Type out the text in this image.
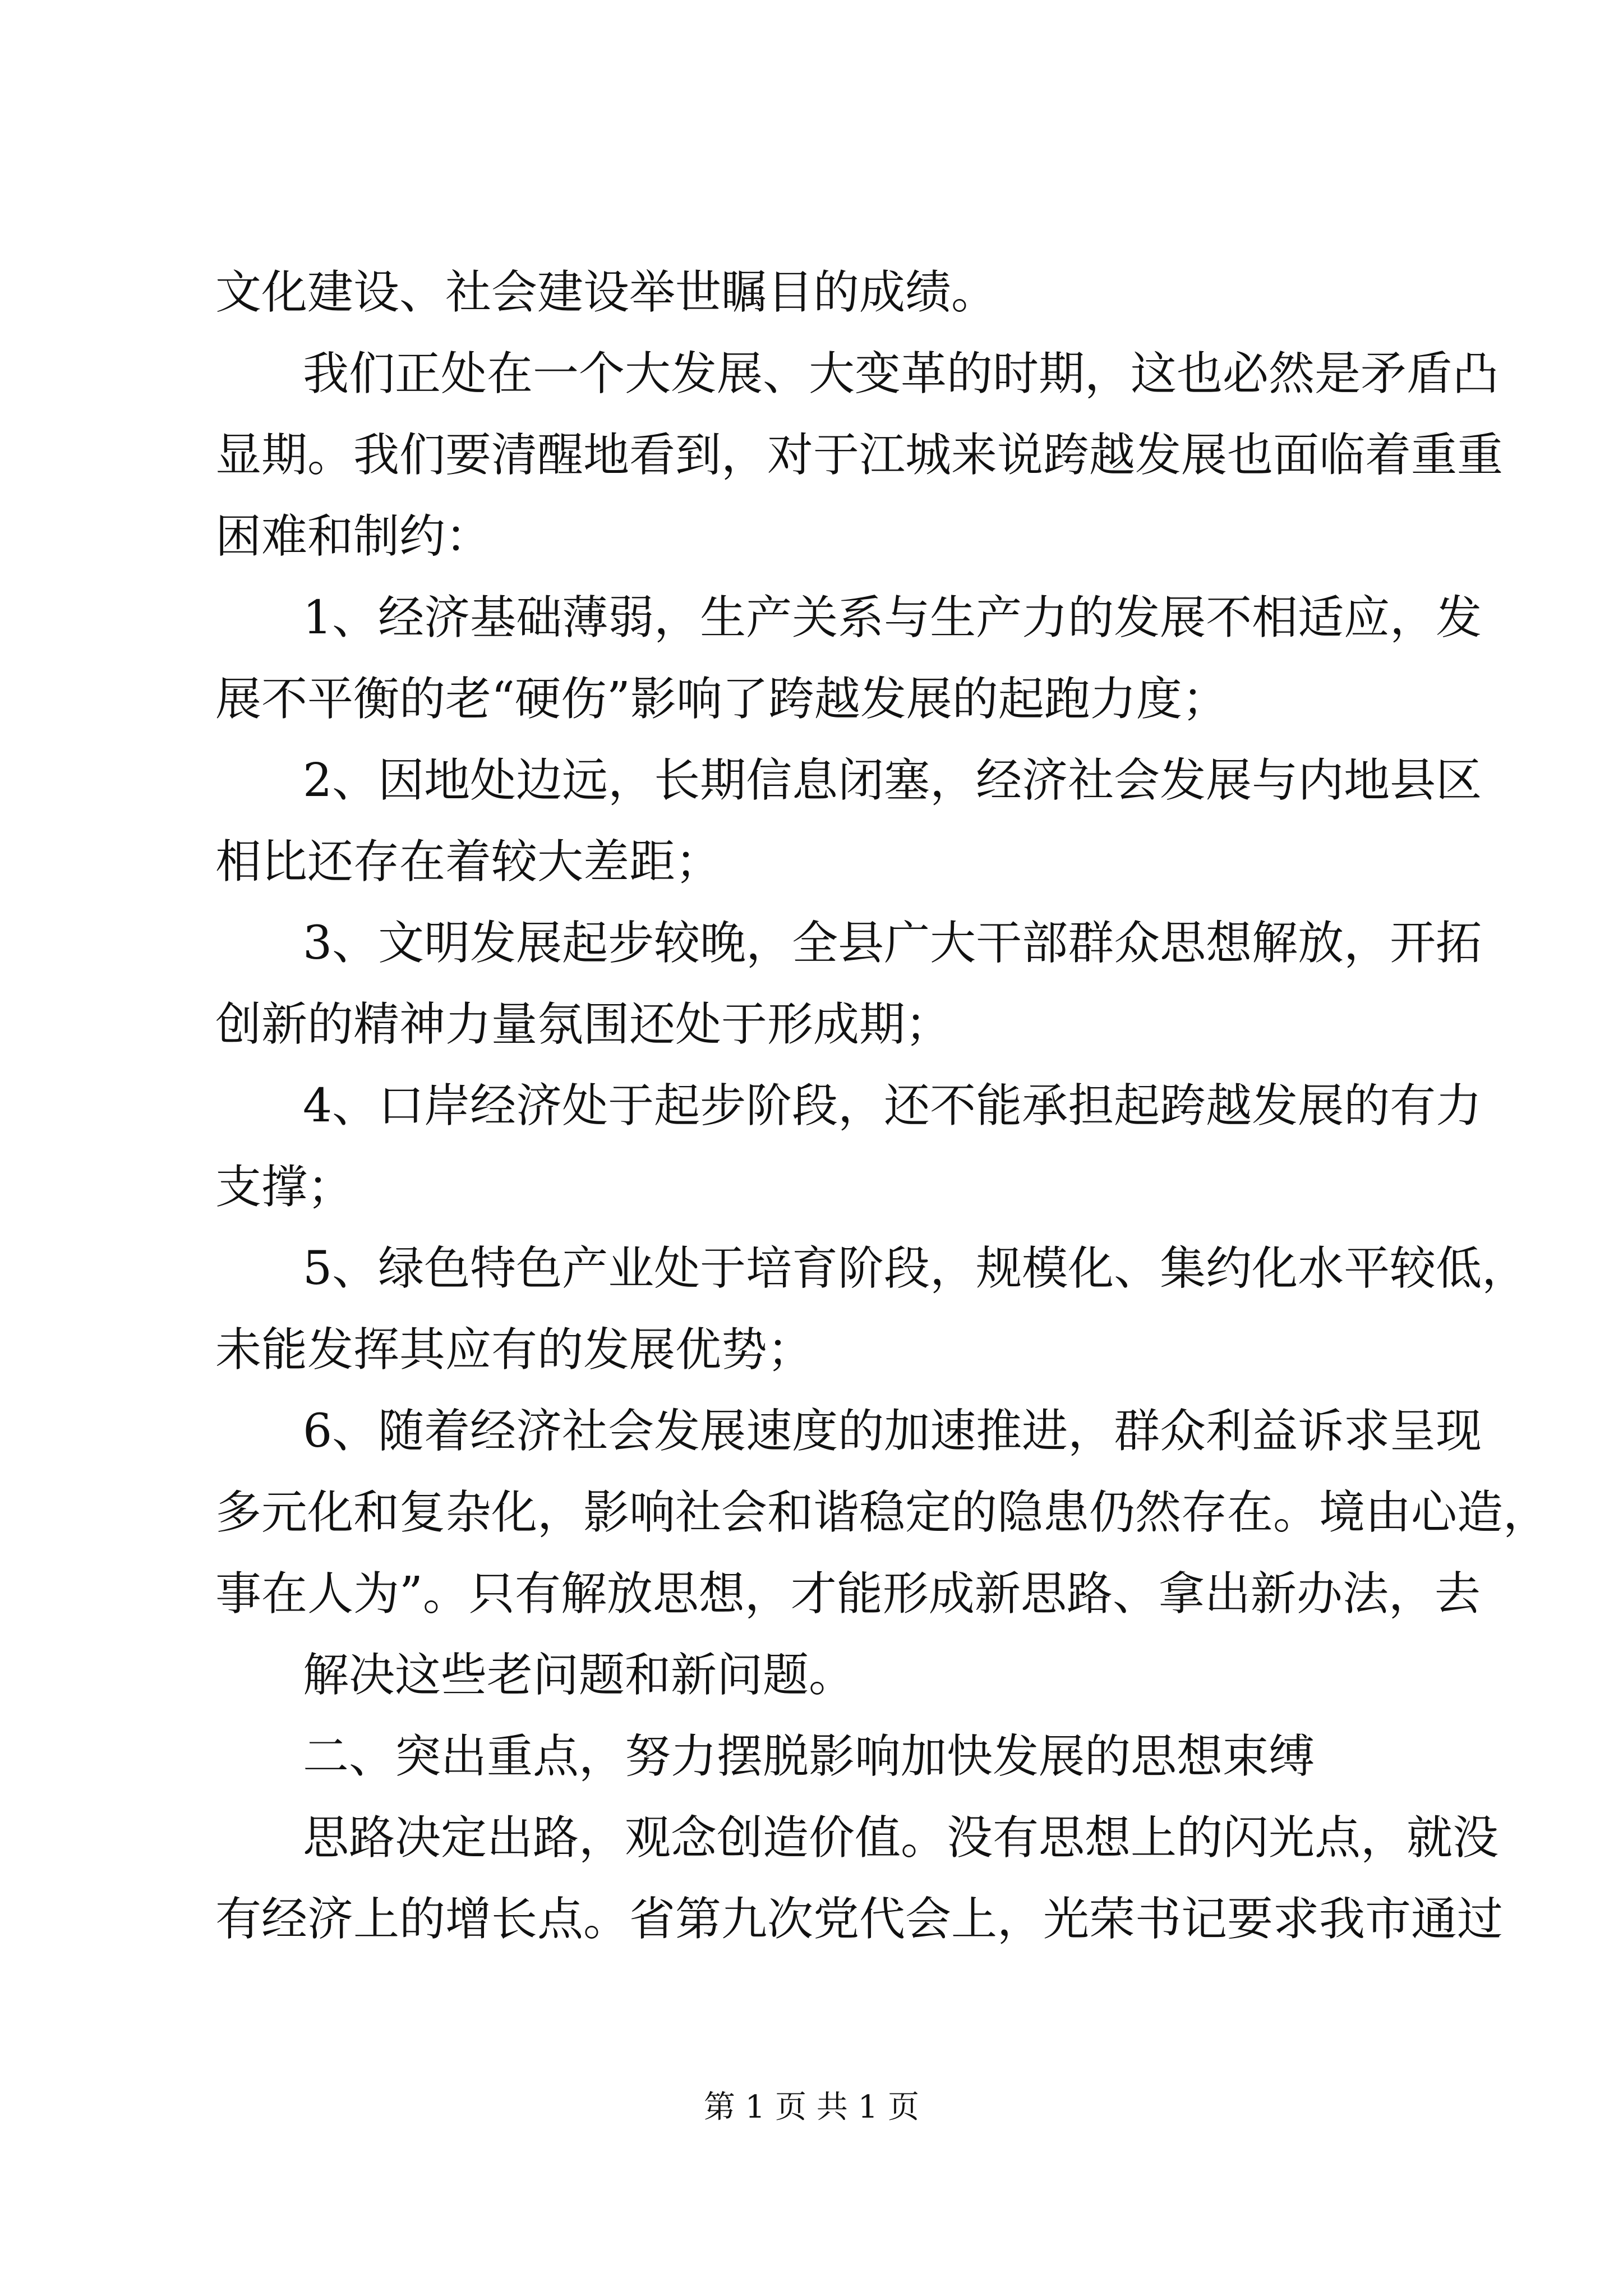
文化建设、社会建设举世瞩目的成绩。
我们正处在一个大发展、大变革的时期，这也必然是矛盾凸
显期。我们要清醒地看到，对于江城来说跨越发展也面临着重重
困难和制约：
1、经济基础薄弱，生产关系与生产力的发展不相适应，发
展不平衡的老“硬伤”影响了跨越发展的起跑力度；
2、因地处边远，长期信息闭塞，经济社会发展与内地县区
相比还存在着较大差距；
3、文明发展起步较晚，全县广大干部群众思想解放，开拓
创新的精神力量氛围还处于形成期；
4、口岸经济处于起步阶段，还不能承担起跨越发展的有力
支撑；
5、绿色特色产业处于培育阶段，规模化、集约化水平较低，
未能发挥其应有的发展优势；
6、随着经济社会发展速度的加速推进，群众利益诉求呈现
多元化和复杂化，影响社会和谐稳定的隐患仍然存在。境由心造，
事在人为”。只有解放思想，才能形成新思路、拿出新办法，去
解决这些老问题和新问题。
二、突出重点，努力摆脱影响加快发展的思想束缚
思路决定出路，观念创造价值。没有思想上的闪光点，就没
有经济上的增长点。省第九次党代会上，光荣书记要求我市通过
第 1 页 共 1 页
